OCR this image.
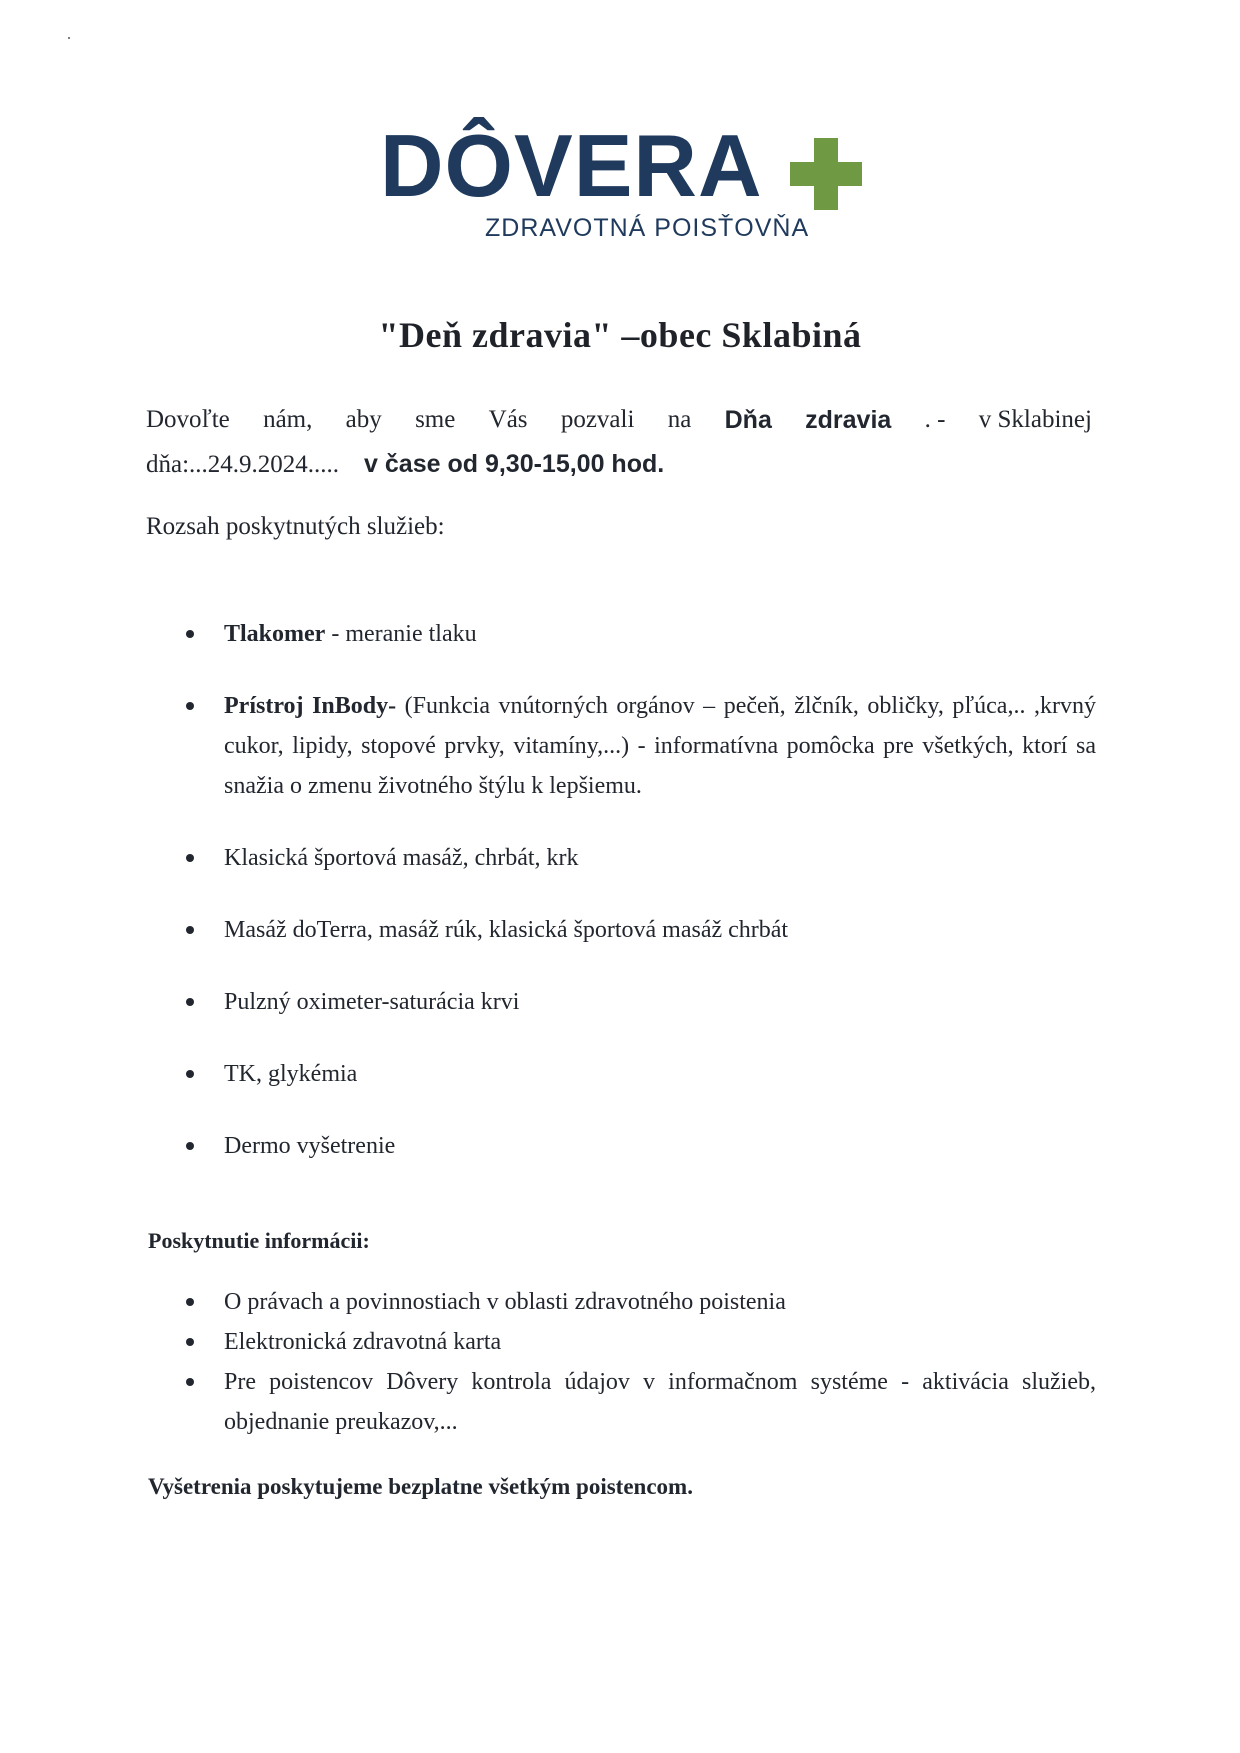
DÔVERA
ZDRAVOTNÁ POISŤOVŇA
"Deň zdravia" –obec Sklabiná
Dovoľte nám, aby sme Vás pozvali na Dňa zdravia . - v Sklabinej
dňa:...24.9.2024..... v čase od 9,30-15,00 hod.
Rozsah poskytnutých služieb:
Tlakomer - meranie tlaku
Prístroj InBody- (Funkcia vnútorných orgánov – pečeň, žlčník, obličky, pľúca,.. ,krvný cukor, lipidy, stopové prvky, vitamíny,...) - informatívna pomôcka pre všetkých, ktorí sa snažia o zmenu životného štýlu k lepšiemu.
Klasická športová masáž, chrbát, krk
Masáž doTerra, masáž rúk, klasická športová masáž chrbát
Pulzný oximeter-saturácia krvi
TK, glykémia
Dermo vyšetrenie
Poskytnutie informácii:
O právach a povinnostiach v oblasti zdravotného poistenia
Elektronická zdravotná karta
Pre poistencov Dôvery kontrola údajov v informačnom systéme - aktivácia služieb, objednanie preukazov,...
Vyšetrenia poskytujeme bezplatne všetkým poistencom.
